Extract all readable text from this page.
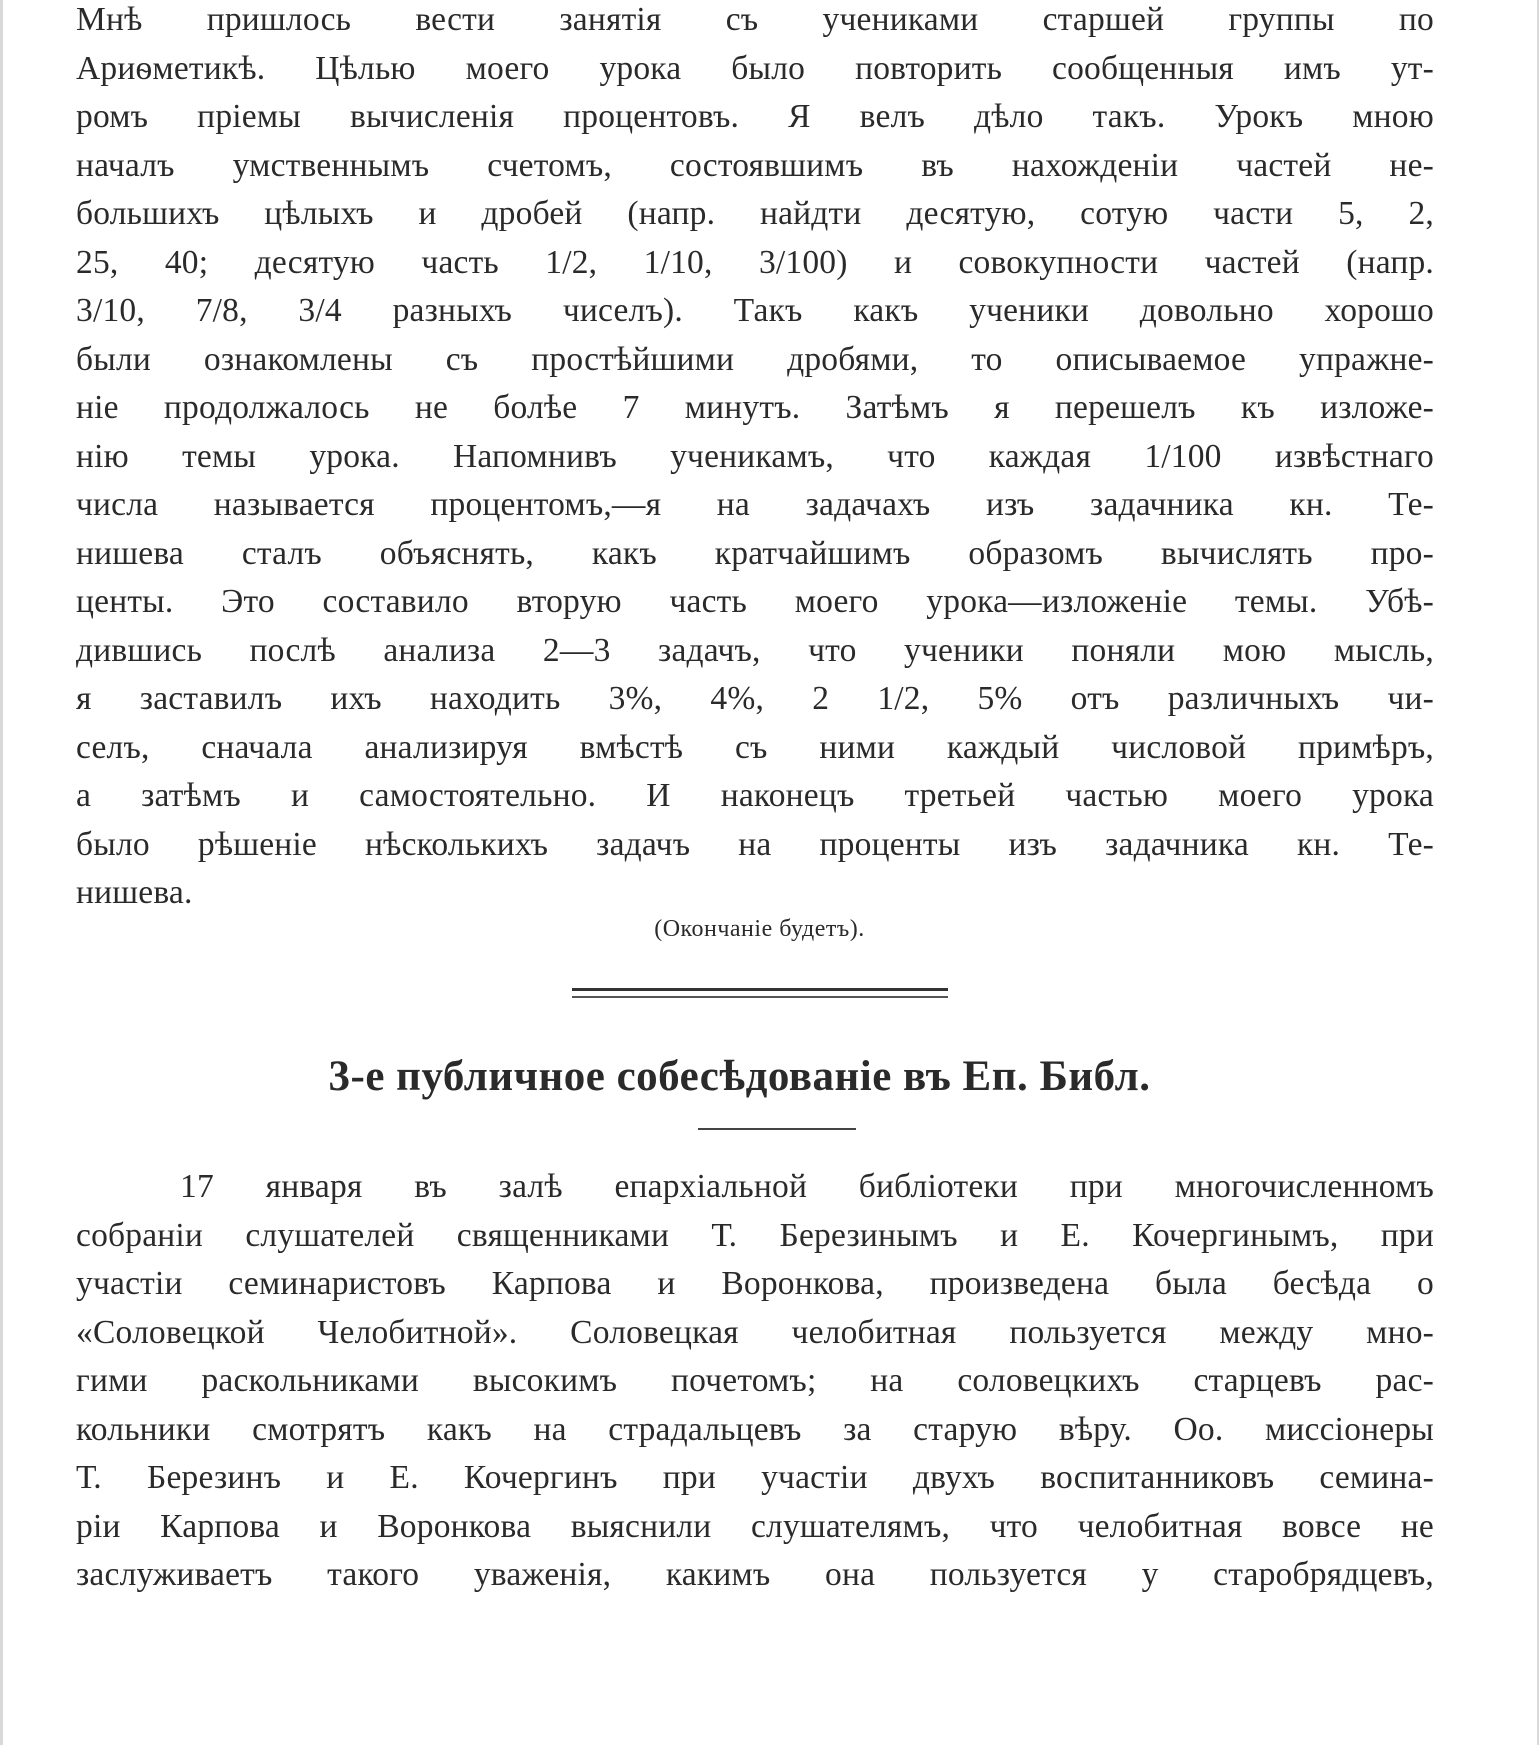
Мнѣ пришлось вести занятія съ учениками старшей группы по
Ариѳметикѣ. Цѣлью моего урока было повторить сообщенныя имъ ут-
ромъ пріемы вычисленія процентовъ. Я велъ дѣло такъ. Урокъ мною
началъ умственнымъ счетомъ, состоявшимъ въ нахожденіи частей не-
большихъ цѣлыхъ и дробей (напр. найдти десятую, сотую части 5, 2,
25, 40; десятую часть 1/2, 1/10, 3/100) и совокупности частей (напр.
3/10, 7/8, 3/4 разныхъ чиселъ). Такъ какъ ученики довольно хорошо
были ознакомлены съ простѣйшими дробями, то описываемое упражне-
ніе продолжалось не болѣе 7 минутъ. Затѣмъ я перешелъ къ изложе-
нію темы урока. Напомнивъ ученикамъ, что каждая 1/100 извѣстнаго
числа называется процентомъ,—я на задачахъ изъ задачника кн. Те-
нишева сталъ объяснять, какъ кратчайшимъ образомъ вычислять про-
центы. Это составило вторую часть моего урока—изложеніе темы. Убѣ-
дившись послѣ анализа 2—3 задачъ, что ученики поняли мою мысль,
я заставилъ ихъ находить 3%, 4%, 2 1/2, 5% отъ различныхъ чи-
селъ, сначала анализируя вмѣстѣ съ ними каждый числовой примѣръ,
а затѣмъ и самостоятельно. И наконецъ третьей частью моего урока
было рѣшеніе нѣсколькихъ задачъ на проценты изъ задачника кн. Те-
нишева.
(Окончаніе будетъ).
3-е публичное собесѣдованіе въ Еп. Библ.
17 января въ залѣ епархіальной библіотеки при многочисленномъ
собраніи слушателей священниками Т. Березинымъ и Е. Кочергинымъ, при
участіи семинаристовъ Карпова и Воронкова, произведена была бесѣда о
«Соловецкой Челобитной». Соловецкая челобитная пользуется между мно-
гими раскольниками высокимъ почетомъ; на соловецкихъ старцевъ рас-
кольники смотрятъ какъ на страдальцевъ за старую вѣру. Оо. миссіонеры
Т. Березинъ и Е. Кочергинъ при участіи двухъ воспитанниковъ семина-
ріи Карпова и Воронкова выяснили слушателямъ, что челобитная вовсе не
заслуживаетъ такого уваженія, какимъ она пользуется у старобрядцевъ,
